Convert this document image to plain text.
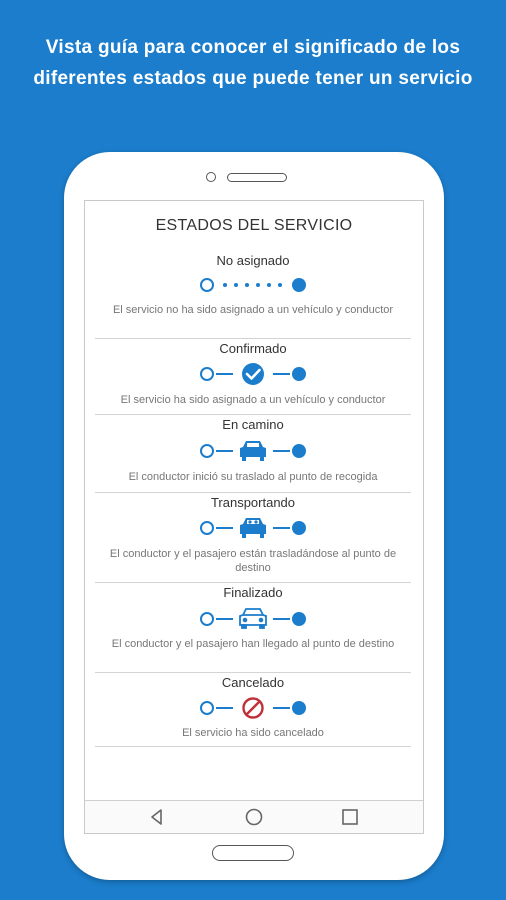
Vista guía para conocer el significado de los diferentes estados que puede tener un servicio
ESTADOS DEL SERVICIO
No asignado
El servicio no ha sido asignado a un vehículo y conductor
Confirmado
El servicio ha sido asignado a un vehículo y conductor
En camino
El conductor inició su traslado al punto de recogida
Transportando
El conductor y el pasajero están trasladándose al punto de destino
Finalizado
El conductor y el pasajero han llegado al punto de destino
Cancelado
El servicio ha sido cancelado
